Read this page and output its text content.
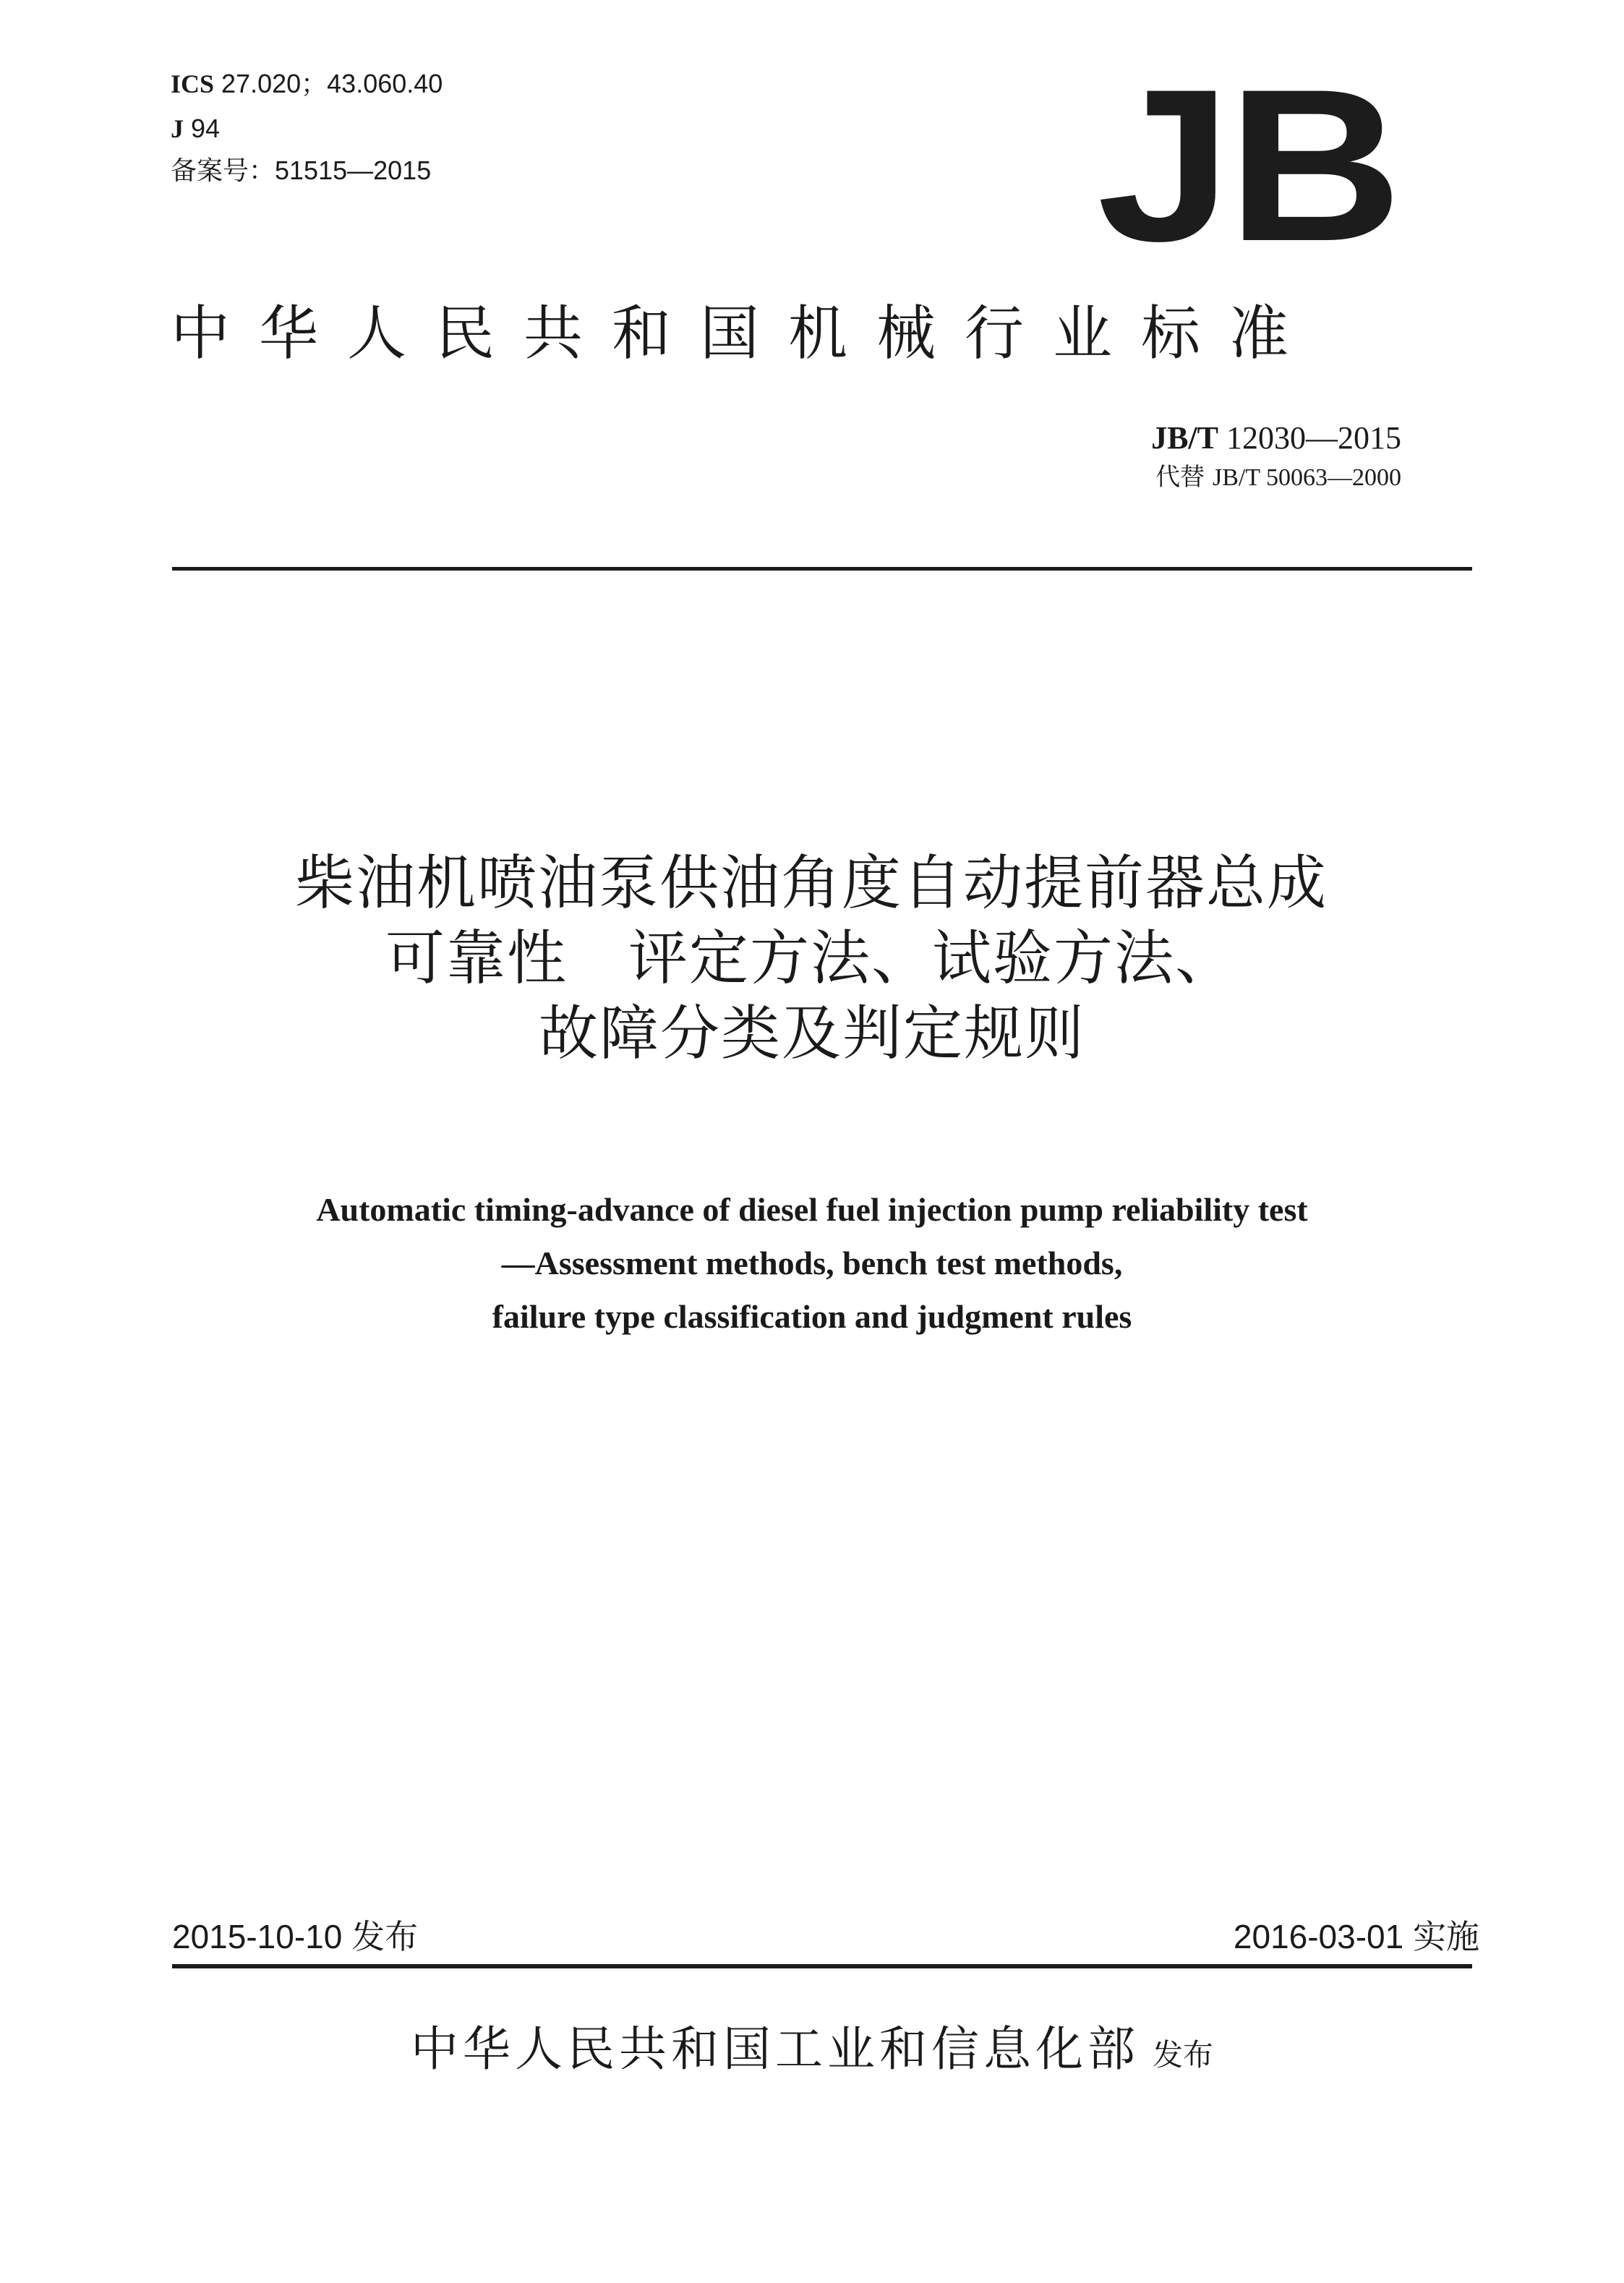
ICS 27.020；43.060.40
J 94
备案号：51515—2015	JB
中华人民共和国机械行业标准
JB/T 12030—2015
代替 JB/T 50063—2000
柴油机喷油泵供油角度自动提前器总成
可靠性　评定方法、试验方法、
故障分类及判定规则
Automatic timing-advance of diesel fuel injection pump reliability test
—Assessment methods, bench test methods,
failure type classification and judgment rules
2015-10-10 发布	2016-03-01 实施
中华人民共和国工业和信息化部 发布
